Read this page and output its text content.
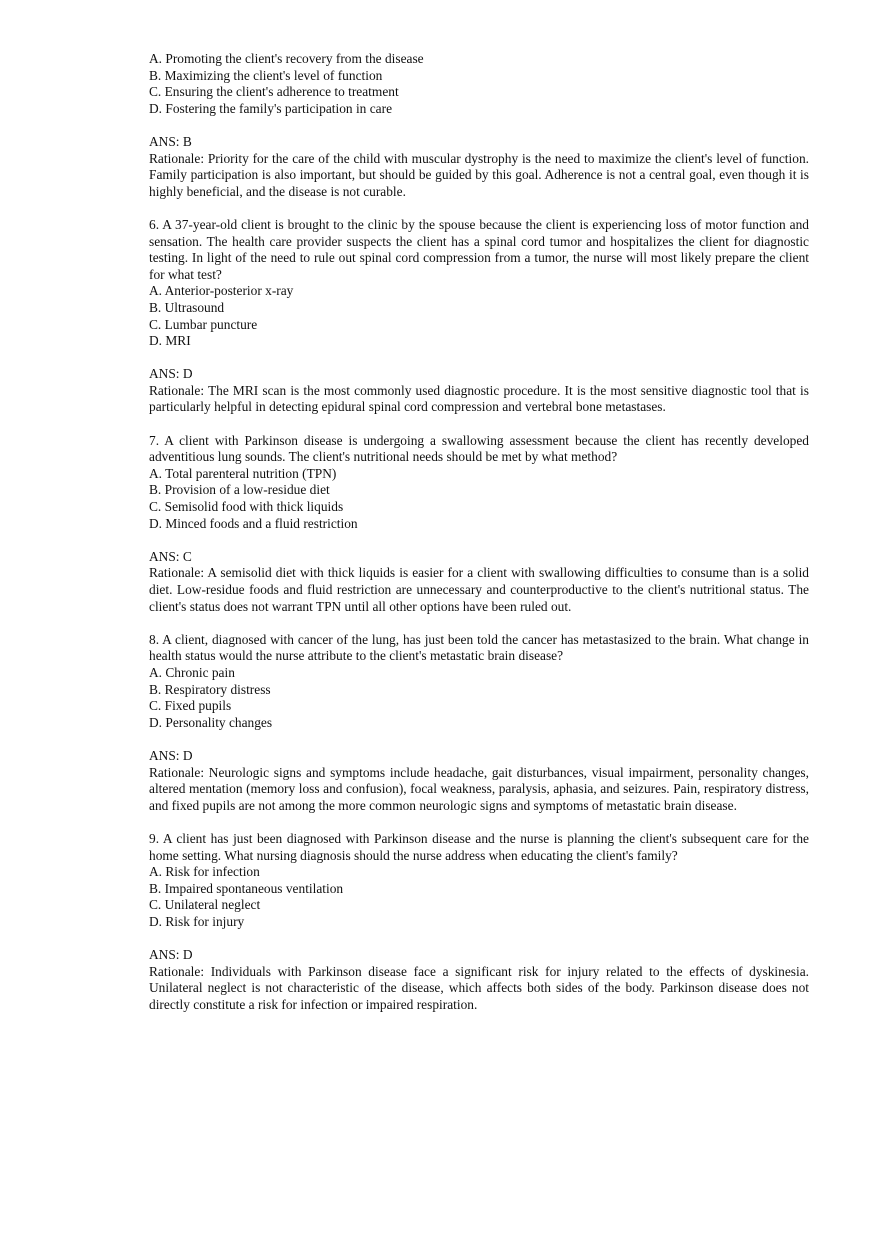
A. Promoting the client's recovery from the disease
B. Maximizing the client's level of function
C. Ensuring the client's adherence to treatment
D. Fostering the family's participation in care
ANS: B
Rationale: Priority for the care of the child with muscular dystrophy is the need to maximize the client's level of function. Family participation is also important, but should be guided by this goal. Adherence is not a central goal, even though it is highly beneficial, and the disease is not curable.
6. A 37-year-old client is brought to the clinic by the spouse because the client is experiencing loss of motor function and sensation. The health care provider suspects the client has a spinal cord tumor and hospitalizes the client for diagnostic testing. In light of the need to rule out spinal cord compression from a tumor, the nurse will most likely prepare the client for what test?
A. Anterior-posterior x-ray
B. Ultrasound
C. Lumbar puncture
D. MRI
ANS: D
Rationale: The MRI scan is the most commonly used diagnostic procedure. It is the most sensitive diagnostic tool that is particularly helpful in detecting epidural spinal cord compression and vertebral bone metastases.
7. A client with Parkinson disease is undergoing a swallowing assessment because the client has recently developed adventitious lung sounds. The client's nutritional needs should be met by what method?
A. Total parenteral nutrition (TPN)
B. Provision of a low-residue diet
C. Semisolid food with thick liquids
D. Minced foods and a fluid restriction
ANS: C
Rationale: A semisolid diet with thick liquids is easier for a client with swallowing difficulties to consume than is a solid diet. Low-residue foods and fluid restriction are unnecessary and counterproductive to the client's nutritional status. The client's status does not warrant TPN until all other options have been ruled out.
8. A client, diagnosed with cancer of the lung, has just been told the cancer has metastasized to the brain. What change in health status would the nurse attribute to the client's metastatic brain disease?
A. Chronic pain
B. Respiratory distress
C. Fixed pupils
D. Personality changes
ANS: D
Rationale: Neurologic signs and symptoms include headache, gait disturbances, visual impairment, personality changes, altered mentation (memory loss and confusion), focal weakness, paralysis, aphasia, and seizures. Pain, respiratory distress, and fixed pupils are not among the more common neurologic signs and symptoms of metastatic brain disease.
9. A client has just been diagnosed with Parkinson disease and the nurse is planning the client's subsequent care for the home setting. What nursing diagnosis should the nurse address when educating the client's family?
A. Risk for infection
B. Impaired spontaneous ventilation
C. Unilateral neglect
D. Risk for injury
ANS: D
Rationale: Individuals with Parkinson disease face a significant risk for injury related to the effects of dyskinesia. Unilateral neglect is not characteristic of the disease, which affects both sides of the body. Parkinson disease does not directly constitute a risk for infection or impaired respiration.
